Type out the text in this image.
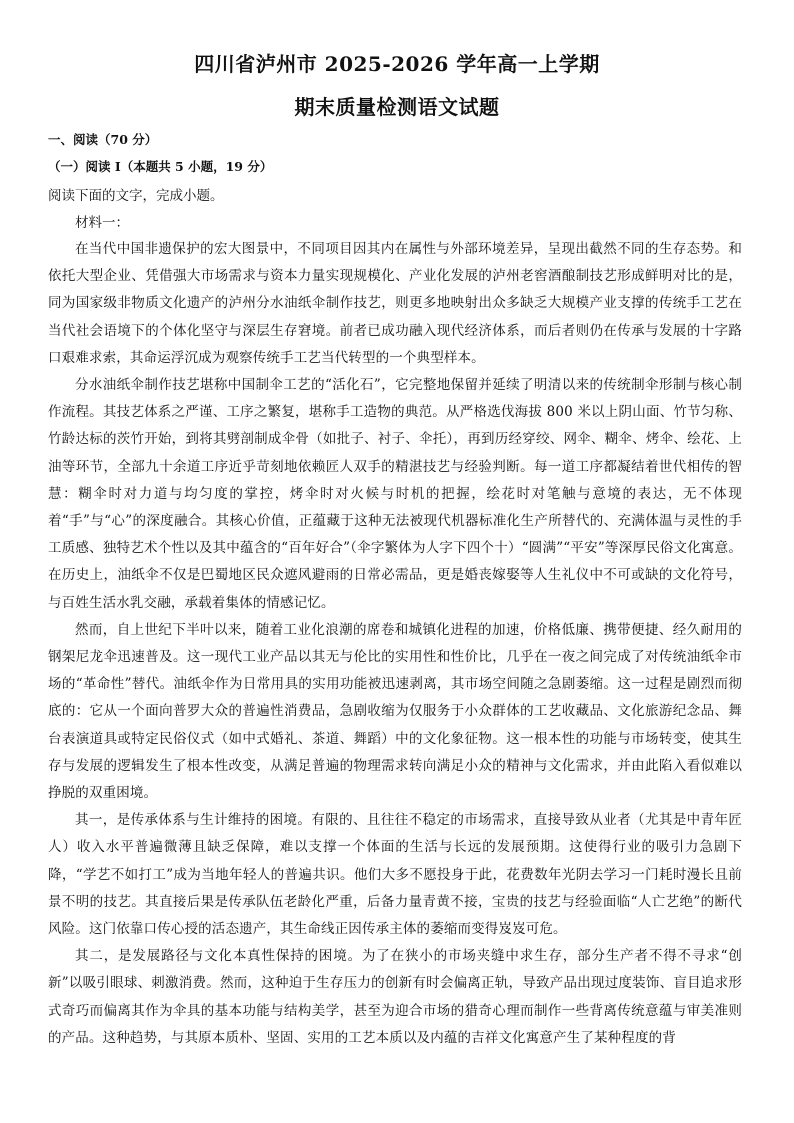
四川省泸州市 2025-2026 学年高一上学期
期末质量检测语文试题
一、阅读（70 分）
（一）阅读 Ⅰ（本题共 5 小题，19 分）
阅读下面的文字，完成小题。
材料一：

在当代中国非遗保护的宏大图景中，不同项目因其内在属性与外部环境差异，呈现出截然不同的生存态势。和依托大型企业、凭借强大市场需求与资本力量实现规模化、产业化发展的泸州老窖酒酿制技艺形成鲜明对比的是，同为国家级非物质文化遗产的泸州分水油纸伞制作技艺，则更多地映射出众多缺乏大规模产业支撑的传统手工艺在当代社会语境下的个体化坚守与深层生存窘境。前者已成功融入现代经济体系，而后者则仍在传承与发展的十字路口艰难求索，其命运浮沉成为观察传统手工艺当代转型的一个典型样本。

分水油纸伞制作技艺堪称中国制伞工艺的“活化石”，它完整地保留并延续了明清以来的传统制伞形制与核心制作流程。其技艺体系之严谨、工序之繁复，堪称手工造物的典范。从严格选伐海拔 800 米以上阴山面、竹节匀称、竹龄达标的茨竹开始，到将其劈剖制成伞骨（如批子、衬子、伞托），再到历经穿绞、网伞、糊伞、烤伞、绘花、上油等环节，全部九十余道工序近乎苛刻地依赖匠人双手的精湛技艺与经验判断。每一道工序都凝结着世代相传的智慧：糊伞时对力道与均匀度的掌控，烤伞时对火候与时机的把握，绘花时对笔触与意境的表达，无不体现着“手”与“心”的深度融合。其核心价值，正蕴藏于这种无法被现代机器标准化生产所替代的、充满体温与灵性的手工质感、独特艺术个性以及其中蕴含的“百年好合”（伞字繁体为人字下四个十）“圆满”“平安”等深厚民俗文化寓意。在历史上，油纸伞不仅是巴蜀地区民众遮风避雨的日常必需品，更是婚丧嫁娶等人生礼仪中不可或缺的文化符号，与百姓生活水乳交融，承载着集体的情感记忆。

然而，自上世纪下半叶以来，随着工业化浪潮的席卷和城镇化进程的加速，价格低廉、携带便捷、经久耐用的钢架尼龙伞迅速普及。这一现代工业产品以其无与伦比的实用性和性价比，几乎在一夜之间完成了对传统油纸伞市场的“革命性”替代。油纸伞作为日常用具的实用功能被迅速剥离，其市场空间随之急剧萎缩。这一过程是剧烈而彻底的：它从一个面向普罗大众的普遍性消费品，急剧收缩为仅服务于小众群体的工艺收藏品、文化旅游纪念品、舞台表演道具或特定民俗仪式（如中式婚礼、茶道、舞蹈）中的文化象征物。这一根本性的功能与市场转变，使其生存与发展的逻辑发生了根本性改变，从满足普遍的物理需求转向满足小众的精神与文化需求，并由此陷入看似难以挣脱的双重困境。

其一，是传承体系与生计维持的困境。有限的、且往往不稳定的市场需求，直接导致从业者（尤其是中青年匠人）收入水平普遍微薄且缺乏保障，难以支撑一个体面的生活与长远的发展预期。这使得行业的吸引力急剧下降，“学艺不如打工”成为当地年轻人的普遍共识。他们大多不愿投身于此，花费数年光阴去学习一门耗时漫长且前景不明的技艺。其直接后果是传承队伍老龄化严重，后备力量青黄不接，宝贵的技艺与经验面临“人亡艺绝”的断代风险。这门依靠口传心授的活态遗产，其生命线正因传承主体的萎缩而变得岌岌可危。

其二，是发展路径与文化本真性保持的困境。为了在狭小的市场夹缝中求生存，部分生产者不得不寻求“创新”以吸引眼球、刺激消费。然而，这种迫于生存压力的创新有时会偏离正轨，导致产品出现过度装饰、盲目追求形式奇巧而偏离其作为伞具的基本功能与结构美学，甚至为迎合市场的猎奇心理而制作一些背离传统意蕴与审美准则的产品。这种趋势，与其原本质朴、坚固、实用的工艺本质以及内蕴的吉祥文化寓意产生了某种程度的背
